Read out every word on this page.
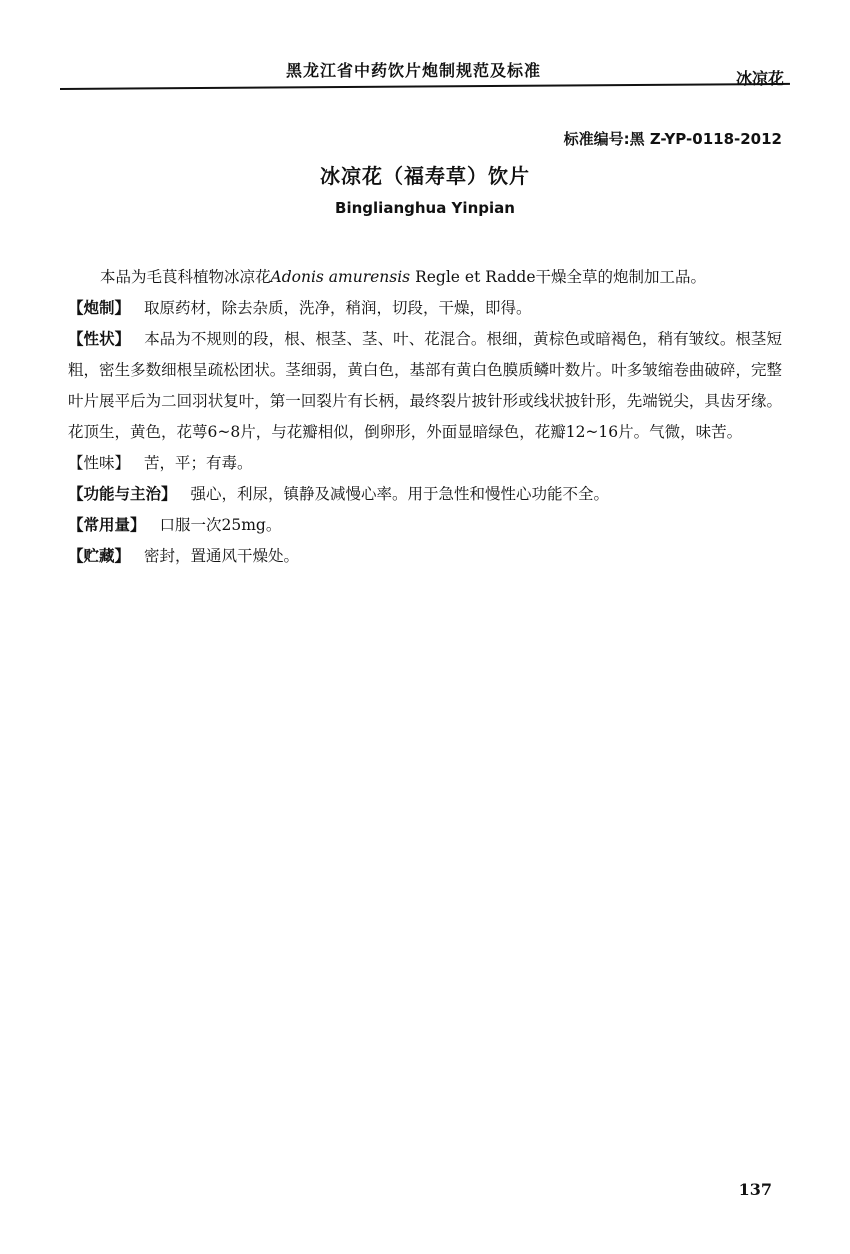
黑龙江省中药饮片炮制规范及标准	冰凉花
标准编号:黑 Z-YP-0118-2012
冰凉花（福寿草）饮片
Binglianghua Yinpian

本品为毛茛科植物冰凉花Adonis amurensis Regle et Radde干燥全草的炮制加工品。

【炮制】 取原药材，除去杂质，洗净，稍润，切段，干燥，即得。

【性状】 本品为不规则的段，根、根茎、茎、叶、花混合。根细，黄棕色或暗褐色，稍有皱纹。根茎短粗，密生多数细根呈疏松团状。茎细弱，黄白色，基部有黄白色膜质鳞叶数片。叶多皱缩卷曲破碎，完整叶片展平后为二回羽状复叶，第一回裂片有长柄，最终裂片披针形或线状披针形，先端锐尖，具齿牙缘。花顶生，黄色，花萼6~8片，与花瓣相似，倒卵形，外面显暗绿色，花瓣12~16片。气微，味苦。

【性味】 苦，平；有毒。

【功能与主治】 强心，利尿，镇静及减慢心率。用于急性和慢性心功能不全。

【常用量】 口服一次25mg。

【贮藏】 密封，置通风干燥处。

137
